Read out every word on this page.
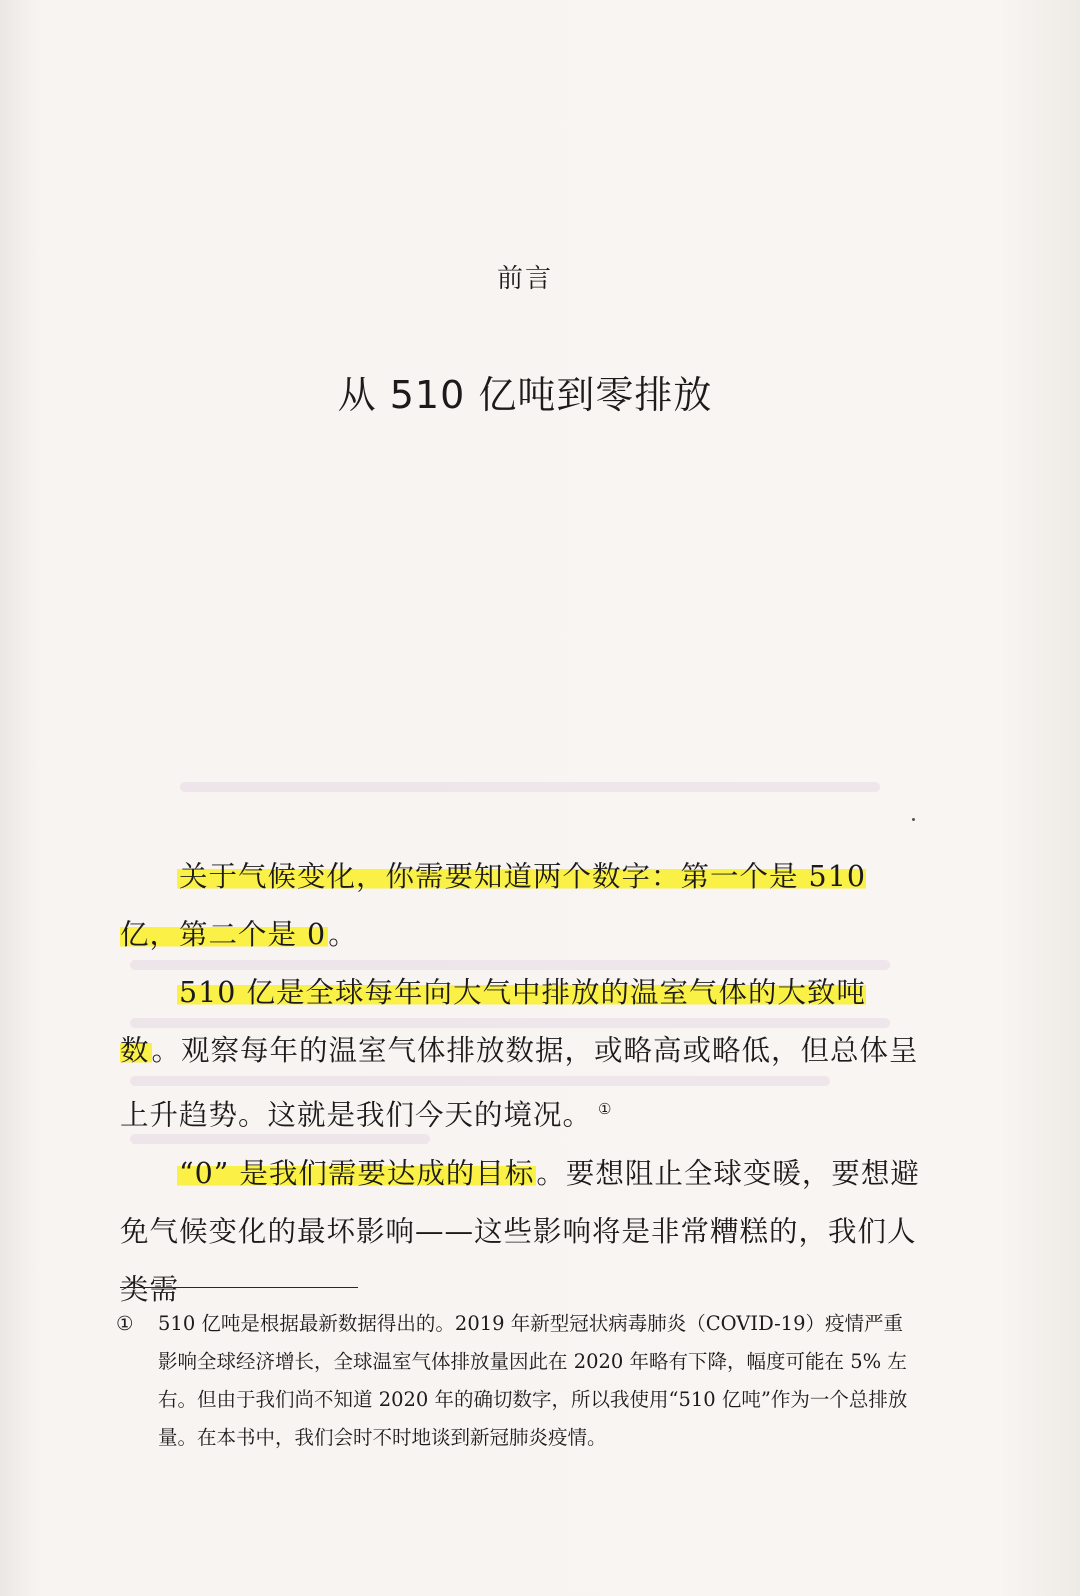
前言
从 510 亿吨到零排放

关于气候变化，你需要知道两个数字：第一个是 510 亿，第二个是 0。

510 亿是全球每年向大气中排放的温室气体的大致吨数。观察每年的温室气体排放数据，或略高或略低，但总体呈上升趋势。这就是我们今天的境况。 ①

“0” 是我们需要达成的目标。要想阻止全球变暖，要想避免气候变化的最坏影响——这些影响将是非常糟糕的，我们人类需

①	510 亿吨是根据最新数据得出的。2019 年新型冠状病毒肺炎（COVID-19）疫情严重影响全球经济增长，全球温室气体排放量因此在 2020 年略有下降，幅度可能在 5% 左右。但由于我们尚不知道 2020 年的确切数字，所以我使用“510 亿吨”作为一个总排放量。在本书中，我们会时不时地谈到新冠肺炎疫情。
